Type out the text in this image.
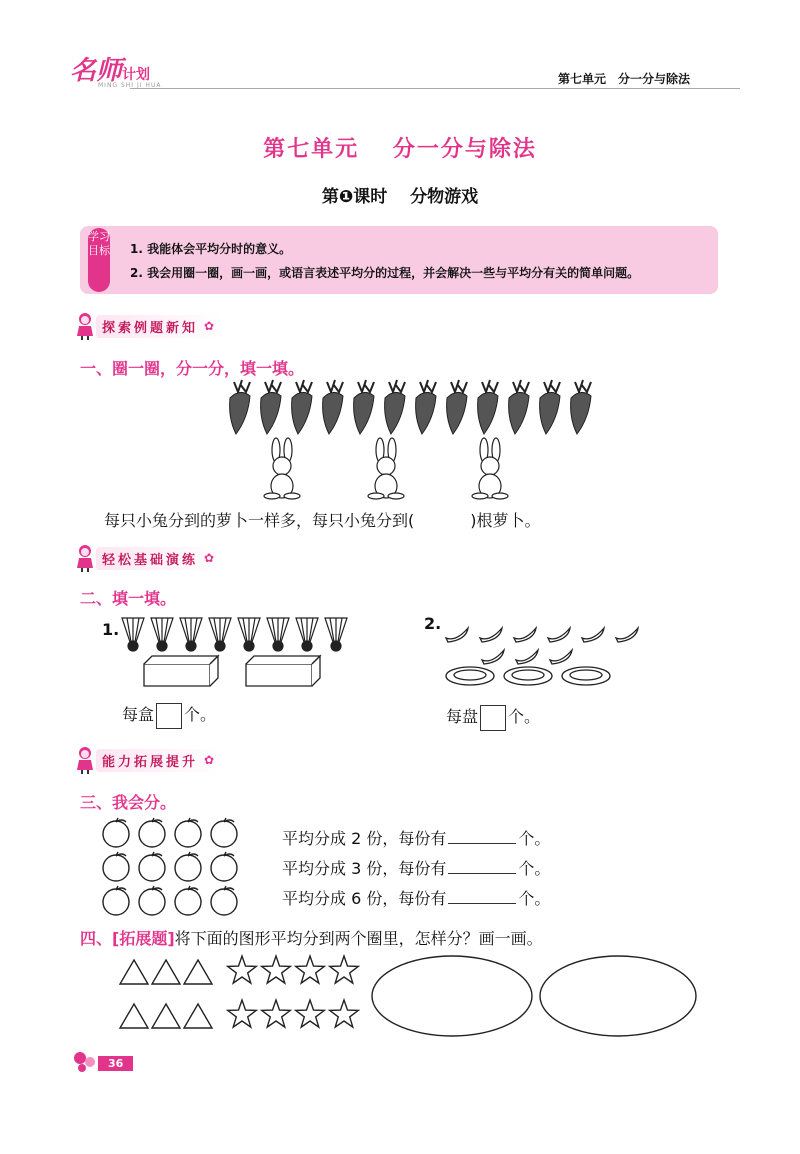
名师计划
MING SHI JI HUA	第七单元　分一分与除法
第七单元　 分一分与除法
第❶课时　 分物游戏
学习目标 1. 我能体会平均分时的意义。
2. 我会用圈一圈，画一画，或语言表述平均分的过程，并会解决一些与平均分有关的简单问题。
探索例题新知 ✿
一、圈一圈，分一分，填一填。
每只小兔分到的萝卜一样多，每只小兔分到(	)根萝卜。
轻松基础演练 ✿
二、填一填。
1.
每盒 个。
2.
每盘 个。
能力拓展提升 ✿
三、我会分。
平均分成 2 份，每份有	个。
平均分成 3 份，每份有	个。
平均分成 6 份，每份有	个。
四、[拓展题]将下面的图形平均分到两个圈里，怎样分？画一画。
36
